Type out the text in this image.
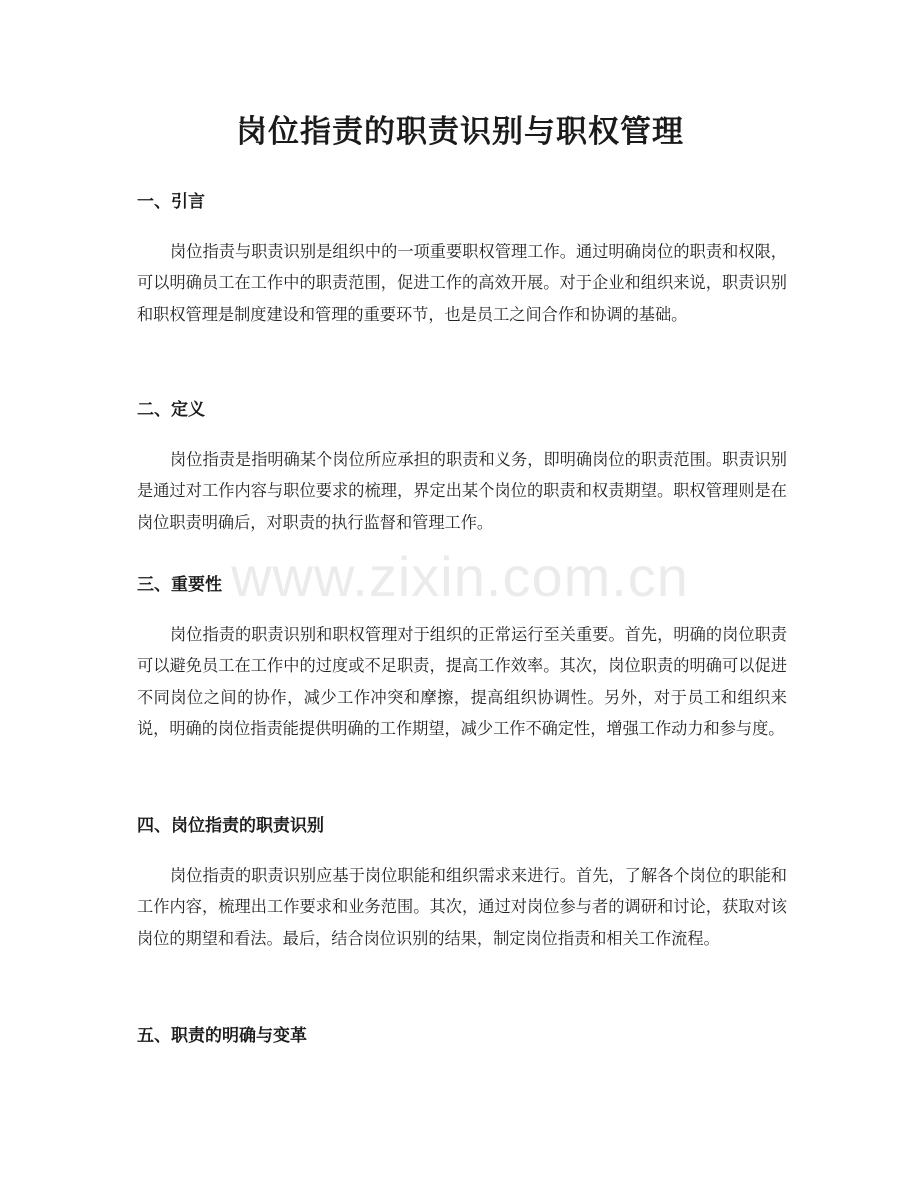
岗位指责的职责识别与职权管理
一、引言

岗位指责与职责识别是组织中的一项重要职权管理工作。通过明确岗位的职责和权限，可以明确员工在工作中的职责范围，促进工作的高效开展。对于企业和组织来说，职责识别和职权管理是制度建设和管理的重要环节，也是员工之间合作和协调的基础。

二、定义

岗位指责是指明确某个岗位所应承担的职责和义务，即明确岗位的职责范围。职责识别是通过对工作内容与职位要求的梳理，界定出某个岗位的职责和权责期望。职权管理则是在岗位职责明确后，对职责的执行监督和管理工作。

三、重要性

岗位指责的职责识别和职权管理对于组织的正常运行至关重要。首先，明确的岗位职责可以避免员工在工作中的过度或不足职责，提高工作效率。其次，岗位职责的明确可以促进不同岗位之间的协作，减少工作冲突和摩擦，提高组织协调性。另外，对于员工和组织来说，明确的岗位指责能提供明确的工作期望，减少工作不确定性，增强工作动力和参与度。

四、岗位指责的职责识别

岗位指责的职责识别应基于岗位职能和组织需求来进行。首先，了解各个岗位的职能和工作内容，梳理出工作要求和业务范围。其次，通过对岗位参与者的调研和讨论，获取对该岗位的期望和看法。最后，结合岗位识别的结果，制定岗位指责和相关工作流程。

五、职责的明确与变革
www.zixin.com.cn
